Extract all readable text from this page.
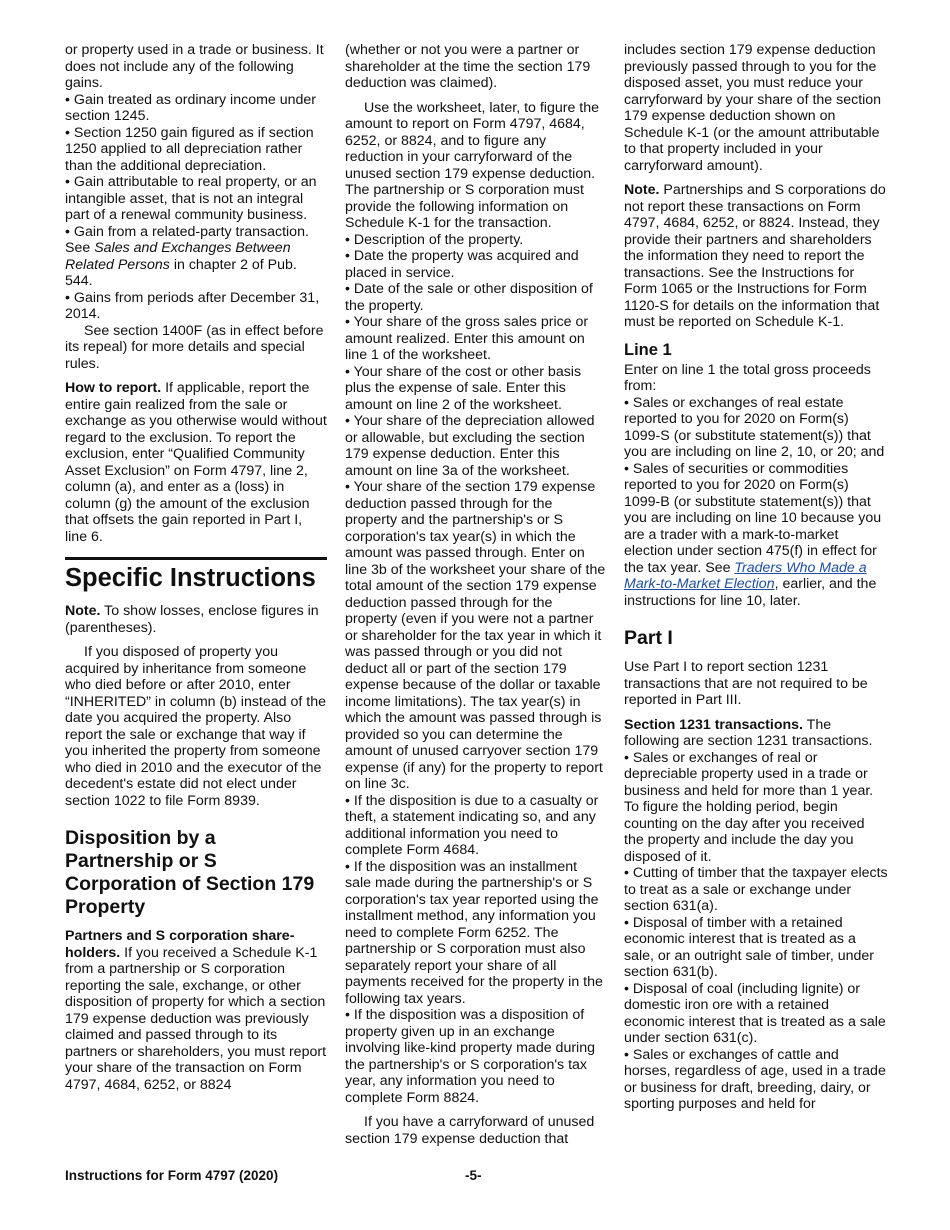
or property used in a trade or business. It does not include any of the following gains.

• Gain treated as ordinary income under section 1245.

• Section 1250 gain figured as if section 1250 applied to all depreciation rather than the additional depreciation.

• Gain attributable to real property, or an intangible asset, that is not an integral part of a renewal community business.

• Gain from a related-party transaction. See Sales and Exchanges Between Related Persons in chapter 2 of Pub. 544.

• Gains from periods after December 31, 2014.

See section 1400F (as in effect before its repeal) for more details and special rules.

How to report. If applicable, report the entire gain realized from the sale or exchange as you otherwise would without regard to the exclusion. To report the exclusion, enter “Qualified Community Asset Exclusion” on Form 4797, line 2, column (a), and enter as a (loss) in column (g) the amount of the exclusion that offsets the gain reported in Part I, line 6.

Specific Instructions

Note. To show losses, enclose figures in (parentheses).

If you disposed of property you acquired by inheritance from someone who died before or after 2010, enter “INHERITED” in column (b) instead of the date you acquired the property. Also report the sale or exchange that way if you inherited the property from someone who died in 2010 and the executor of the decedent's estate did not elect under section 1022 to file Form 8939.

Disposition by a Partnership or S Corporation of Section 179 Property

Partners and S corporation share-holders. If you received a Schedule K-1 from a partnership or S corporation reporting the sale, exchange, or other disposition of property for which a section 179 expense deduction was previously claimed and passed through to its partners or shareholders, you must report your share of the transaction on Form 4797, 4684, 6252, or 8824

(whether or not you were a partner or shareholder at the time the section 179 deduction was claimed).

Use the worksheet, later, to figure the amount to report on Form 4797, 4684, 6252, or 8824, and to figure any reduction in your carryforward of the unused section 179 expense deduction. The partnership or S corporation must provide the following information on Schedule K-1 for the transaction.

• Description of the property.

• Date the property was acquired and placed in service.

• Date of the sale or other disposition of the property.

• Your share of the gross sales price or amount realized. Enter this amount on line 1 of the worksheet.

• Your share of the cost or other basis plus the expense of sale. Enter this amount on line 2 of the worksheet.

• Your share of the depreciation allowed or allowable, but excluding the section 179 expense deduction. Enter this amount on line 3a of the worksheet.

• Your share of the section 179 expense deduction passed through for the property and the partnership's or S corporation's tax year(s) in which the amount was passed through. Enter on line 3b of the worksheet your share of the total amount of the section 179 expense deduction passed through for the property (even if you were not a partner or shareholder for the tax year in which it was passed through or you did not deduct all or part of the section 179 expense because of the dollar or taxable income limitations). The tax year(s) in which the amount was passed through is provided so you can determine the amount of unused carryover section 179 expense (if any) for the property to report on line 3c.

• If the disposition is due to a casualty or theft, a statement indicating so, and any additional information you need to complete Form 4684.

• If the disposition was an installment sale made during the partnership's or S corporation's tax year reported using the installment method, any information you need to complete Form 6252. The partnership or S corporation must also separately report your share of all payments received for the property in the following tax years.

• If the disposition was a disposition of property given up in an exchange involving like-kind property made during the partnership's or S corporation's tax year, any information you need to complete Form 8824.

If you have a carryforward of unused section 179 expense deduction that

includes section 179 expense deduction previously passed through to you for the disposed asset, you must reduce your carryforward by your share of the section 179 expense deduction shown on Schedule K-1 (or the amount attributable to that property included in your carryforward amount).

Note. Partnerships and S corporations do not report these transactions on Form 4797, 4684, 6252, or 8824. Instead, they provide their partners and shareholders the information they need to report the transactions. See the Instructions for Form 1065 or the Instructions for Form 1120-S for details on the information that must be reported on Schedule K-1.

Line 1

Enter on line 1 the total gross proceeds from:

• Sales or exchanges of real estate reported to you for 2020 on Form(s) 1099-S (or substitute statement(s)) that you are including on line 2, 10, or 20; and

• Sales of securities or commodities reported to you for 2020 on Form(s) 1099-B (or substitute statement(s)) that you are including on line 10 because you are a trader with a mark-to-market election under section 475(f) in effect for the tax year. See Traders Who Made a Mark-to-Market Election, earlier, and the instructions for line 10, later.

Part I

Use Part I to report section 1231 transactions that are not required to be reported in Part III.

Section 1231 transactions. The following are section 1231 transactions.

• Sales or exchanges of real or depreciable property used in a trade or business and held for more than 1 year. To figure the holding period, begin counting on the day after you received the property and include the day you disposed of it.

• Cutting of timber that the taxpayer elects to treat as a sale or exchange under section 631(a).

• Disposal of timber with a retained economic interest that is treated as a sale, or an outright sale of timber, under section 631(b).

• Disposal of coal (including lignite) or domestic iron ore with a retained economic interest that is treated as a sale under section 631(c).

• Sales or exchanges of cattle and horses, regardless of age, used in a trade or business for draft, breeding, dairy, or sporting purposes and held for

Instructions for Form 4797 (2020)	-5-
